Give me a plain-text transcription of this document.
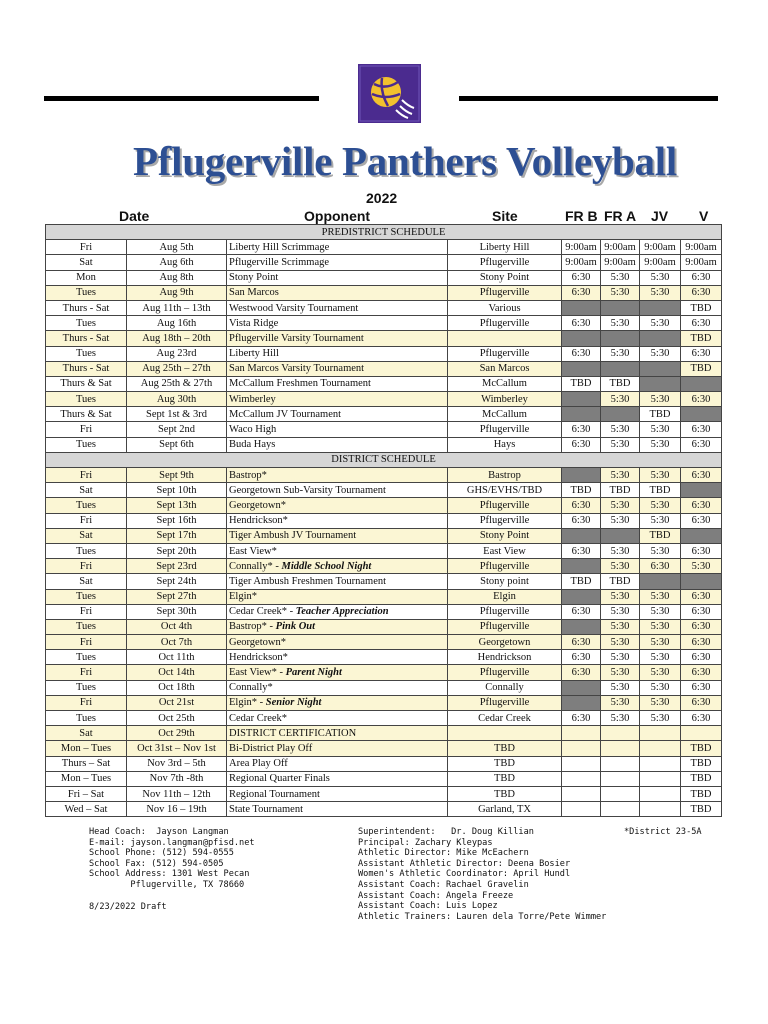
Pflugerville Panthers Volleyball
2022
Date	Opponent	Site	FR B FR A JV V
PREDISTRICT SCHEDULE							
Fri	Aug 5th	Liberty Hill Scrimmage	Liberty Hill	9:00am	9:00am	9:00am	9:00am
Sat	Aug 6th	Pflugerville Scrimmage	Pflugerville	9:00am	9:00am	9:00am	9:00am
Mon	Aug 8th	Stony Point	Stony Point	6:30	5:30	5:30	6:30
Tues	Aug 9th	San Marcos	Pflugerville	6:30	5:30	5:30	6:30
Thurs - Sat	Aug 11th – 13th	Westwood Varsity Tournament	Various				TBD
Tues	Aug 16th	Vista Ridge	Pflugerville	6:30	5:30	5:30	6:30
Thurs - Sat	Aug 18th – 20th	Pflugerville Varsity Tournament					TBD
Tues	Aug 23rd	Liberty Hill	Pflugerville	6:30	5:30	5:30	6:30
Thurs - Sat	Aug 25th – 27th	San Marcos Varsity Tournament	San Marcos				TBD
Thurs & Sat	Aug 25th & 27th	McCallum Freshmen Tournament	McCallum	TBD	TBD		
Tues	Aug 30th	Wimberley	Wimberley		5:30	5:30	6:30
Thurs & Sat	Sept 1st & 3rd	McCallum JV Tournament	McCallum			TBD	
Fri	Sept 2nd	Waco High	Pflugerville	6:30	5:30	5:30	6:30
Tues	Sept 6th	Buda Hays	Hays	6:30	5:30	5:30	6:30
DISTRICT SCHEDULE							
Fri	Sept 9th	Bastrop*	Bastrop		5:30	5:30	6:30
Sat	Sept 10th	Georgetown Sub-Varsity Tournament	GHS/EVHS/TBD	TBD	TBD	TBD	
Tues	Sept 13th	Georgetown*	Pflugerville	6:30	5:30	5:30	6:30
Fri	Sept 16th	Hendrickson*	Pflugerville	6:30	5:30	5:30	6:30
Sat	Sept 17th	Tiger Ambush JV Tournament	Stony Point			TBD	
Tues	Sept 20th	East View*	East View	6:30	5:30	5:30	6:30
Fri	Sept 23rd	Connally* - Middle School Night	Pflugerville		5:30	6:30	5:30
Sat	Sept 24th	Tiger Ambush Freshmen Tournament	Stony point	TBD	TBD		
Tues	Sept 27th	Elgin*	Elgin		5:30	5:30	6:30
Fri	Sept 30th	Cedar Creek* - Teacher Appreciation	Pflugerville	6:30	5:30	5:30	6:30
Tues	Oct 4th	Bastrop* - Pink Out	Pflugerville		5:30	5:30	6:30
Fri	Oct 7th	Georgetown*	Georgetown	6:30	5:30	5:30	6:30
Tues	Oct 11th	Hendrickson*	Hendrickson	6:30	5:30	5:30	6:30
Fri	Oct 14th	East View* - Parent Night	Pflugerville	6:30	5:30	5:30	6:30
Tues	Oct 18th	Connally*	Connally		5:30	5:30	6:30
Fri	Oct 21st	Elgin* - Senior Night	Pflugerville		5:30	5:30	6:30
Tues	Oct 25th	Cedar Creek*	Cedar Creek	6:30	5:30	5:30	6:30
Sat	Oct 29th	DISTRICT CERTIFICATION					
Mon – Tues	Oct 31st – Nov 1st	Bi-District Play Off	TBD				TBD
Thurs – Sat	Nov 3rd – 5th	Area Play Off	TBD				TBD
Mon – Tues	Nov 7th -8th	Regional Quarter Finals	TBD				TBD
Fri – Sat	Nov 11th – 12th	Regional Tournament	TBD				TBD
Wed – Sat	Nov 16 – 19th	State Tournament	Garland, TX				TBD
Head Coach:  Jayson Langman
E-mail: jayson.langman@pfisd.net
School Phone: (512) 594-0555
School Fax: (512) 594-0505
School Address: 1301 West Pecan
Pflugerville, TX 78660
Superintendent:   Dr. Doug Killian
Principal: Zachary Kleypas
Athletic Director: Mike McEachern
Assistant Athletic Director: Deena Bosier
Women's Athletic Coordinator: April Hundl
Assistant Coach: Rachael Gravelin
Assistant Coach: Angela Freeze
Assistant Coach: Luis Lopez
Athletic Trainers: Lauren dela Torre/Pete Wimmer
*District 23-5A
8/23/2022 Draft
